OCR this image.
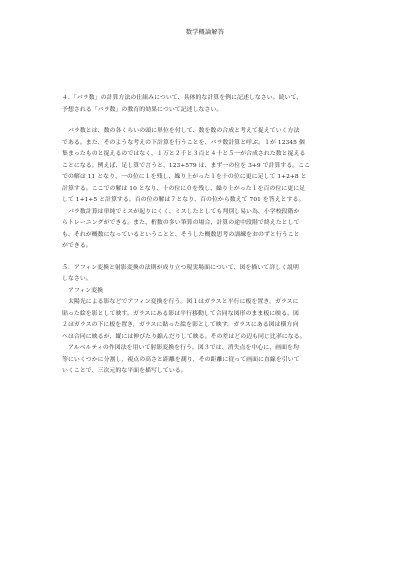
数学概論解答

４．「パラ数」の計算方法の仕組みについて、具体的な計算を例に記述しなさい。続いて、

予想される「パラ数」の教育的効果について記述しなさい。

　パラ数とは、数の各くらいの頭に単位を付して、数を数の合成と考えて捉えていく方法

である。また、そのような考えの下計算を行うことを、パラ数計算と呼ぶ。１が 12345 個

集まったものと捉えるのではなく、１万と２千と３百と４十と５一が合成された数と捉える

ことになる。例えば、足し算で言うと、123+579 は、まず一の位を 3+9 で計算する。ここ

での解は 11 となり、一の位に１を残し、繰り上がった１を十の位に更に足して 1+2+8 と

計算する。ここでの解は 10 となり、十の位に０を残し、繰り上がった１を百の位に更に足

して 1+1+5 と計算する。百の位の解は７となり、百の位から数えて 701 を答えとする。

　パラ数計算は単純でミスが起りにくく、ミスしたとしても判別し易い為、小学校段階か

らトレーニングができる。また、桁数の多い筆算の場合、計算の途中段階で終えたとして

も、それが概数になっているということと、そうした概数思考の訓練をおのずと行うこと

ができる。

５．アフィン変換と射影変換の法則が成り立つ現実場面について、図を描いて詳しく説明

しなさい。

　アフィン変換

　太陽光による影などでアフィン変換を行う。図１はガラスと平行に板を置き，ガラスに

貼った絵を影として映す。ガラスにある影は平行移動して合同な図形のまま板に映る。図

２はガラスの下に板を置き，ガラスに貼った絵を影として映す。ガラスにある図は横方向

へは合同に映るが，縦には伸びたり縮んだりして映る。その差はどの辺も同じ比率になる。

　アルベルティの作図法を用いて射影変換を行う。図３では、消失点を中心に、画面を均

等にいくつかに分割し，視点の高さと距離を測り，その距離に従って画面に直線を引いて

いくことで、三次元的な平面を描写している。
